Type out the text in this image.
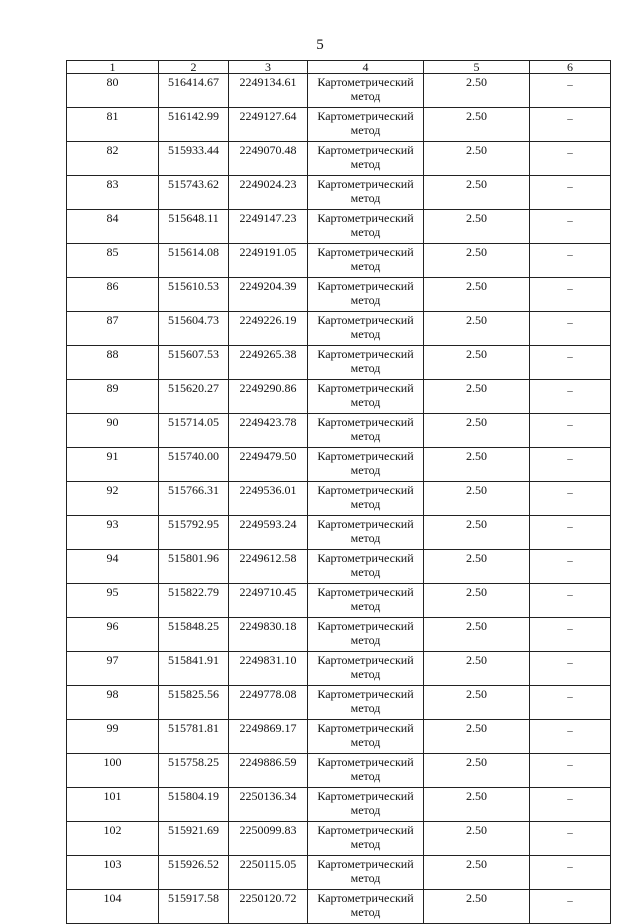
5
1	2	3	4	5	6
80	516414.67	2249134.61	Картометрический метод	2.50	–
81	516142.99	2249127.64	Картометрический метод	2.50	–
82	515933.44	2249070.48	Картометрический метод	2.50	–
83	515743.62	2249024.23	Картометрический метод	2.50	–
84	515648.11	2249147.23	Картометрический метод	2.50	–
85	515614.08	2249191.05	Картометрический метод	2.50	–
86	515610.53	2249204.39	Картометрический метод	2.50	–
87	515604.73	2249226.19	Картометрический метод	2.50	–
88	515607.53	2249265.38	Картометрический метод	2.50	–
89	515620.27	2249290.86	Картометрический метод	2.50	–
90	515714.05	2249423.78	Картометрический метод	2.50	–
91	515740.00	2249479.50	Картометрический метод	2.50	–
92	515766.31	2249536.01	Картометрический метод	2.50	–
93	515792.95	2249593.24	Картометрический метод	2.50	–
94	515801.96	2249612.58	Картометрический метод	2.50	–
95	515822.79	2249710.45	Картометрический метод	2.50	–
96	515848.25	2249830.18	Картометрический метод	2.50	–
97	515841.91	2249831.10	Картометрический метод	2.50	–
98	515825.56	2249778.08	Картометрический метод	2.50	–
99	515781.81	2249869.17	Картометрический метод	2.50	–
100	515758.25	2249886.59	Картометрический метод	2.50	–
101	515804.19	2250136.34	Картометрический метод	2.50	–
102	515921.69	2250099.83	Картометрический метод	2.50	–
103	515926.52	2250115.05	Картометрический метод	2.50	–
104	515917.58	2250120.72	Картометрический метод	2.50	–
